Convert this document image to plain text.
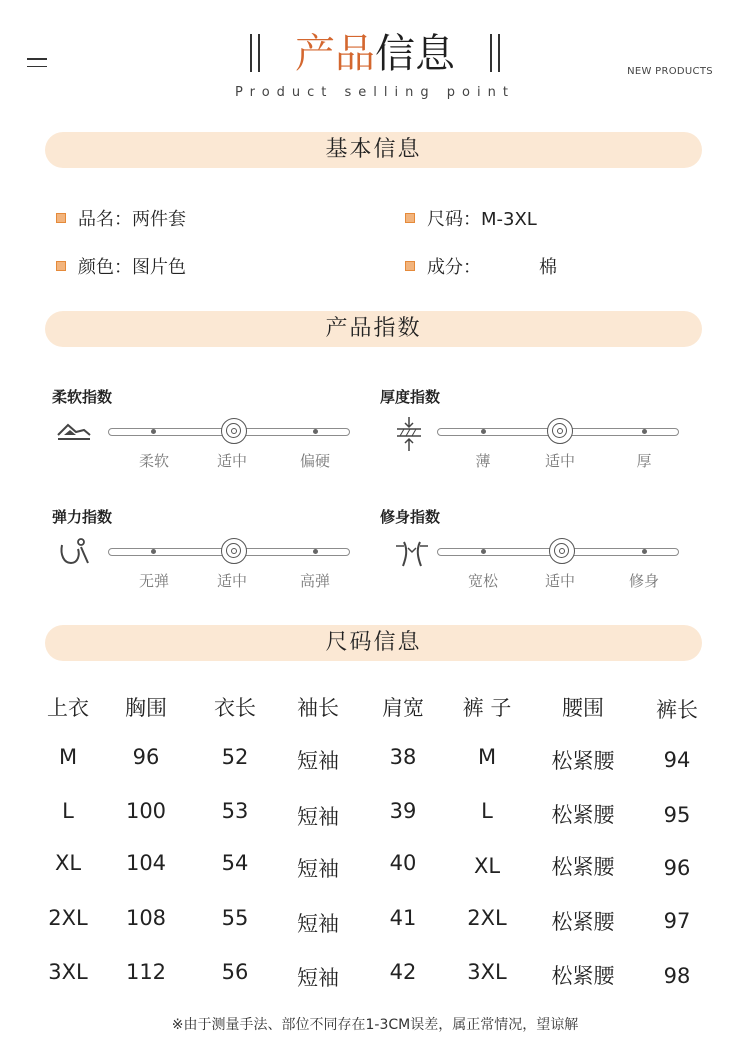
产品信息
Product selling point
NEW PRODUCTS
基本信息
品名：两件套	尺码：M-3XL
颜色：图片色	成分：	棉
产品指数
柔软指数
柔软	适中	偏硬
厚度指数
薄	适中	厚
弹力指数
无弹	适中	高弹
修身指数
宽松	适中	修身
尺码信息
上衣	胸围	衣长	袖长	肩宽	裤 子	腰围	裤长
M	96	52	短袖	38	M	松紧腰	94
L	100	53	短袖	39	L	松紧腰	95
XL	104	54	短袖	40	XL	松紧腰	96
2XL	108	55	短袖	41	2XL	松紧腰	97
3XL	112	56	短袖	42	3XL	松紧腰	98
※由于测量手法、部位不同存在1-3CM误差，属正常情况，望谅解
